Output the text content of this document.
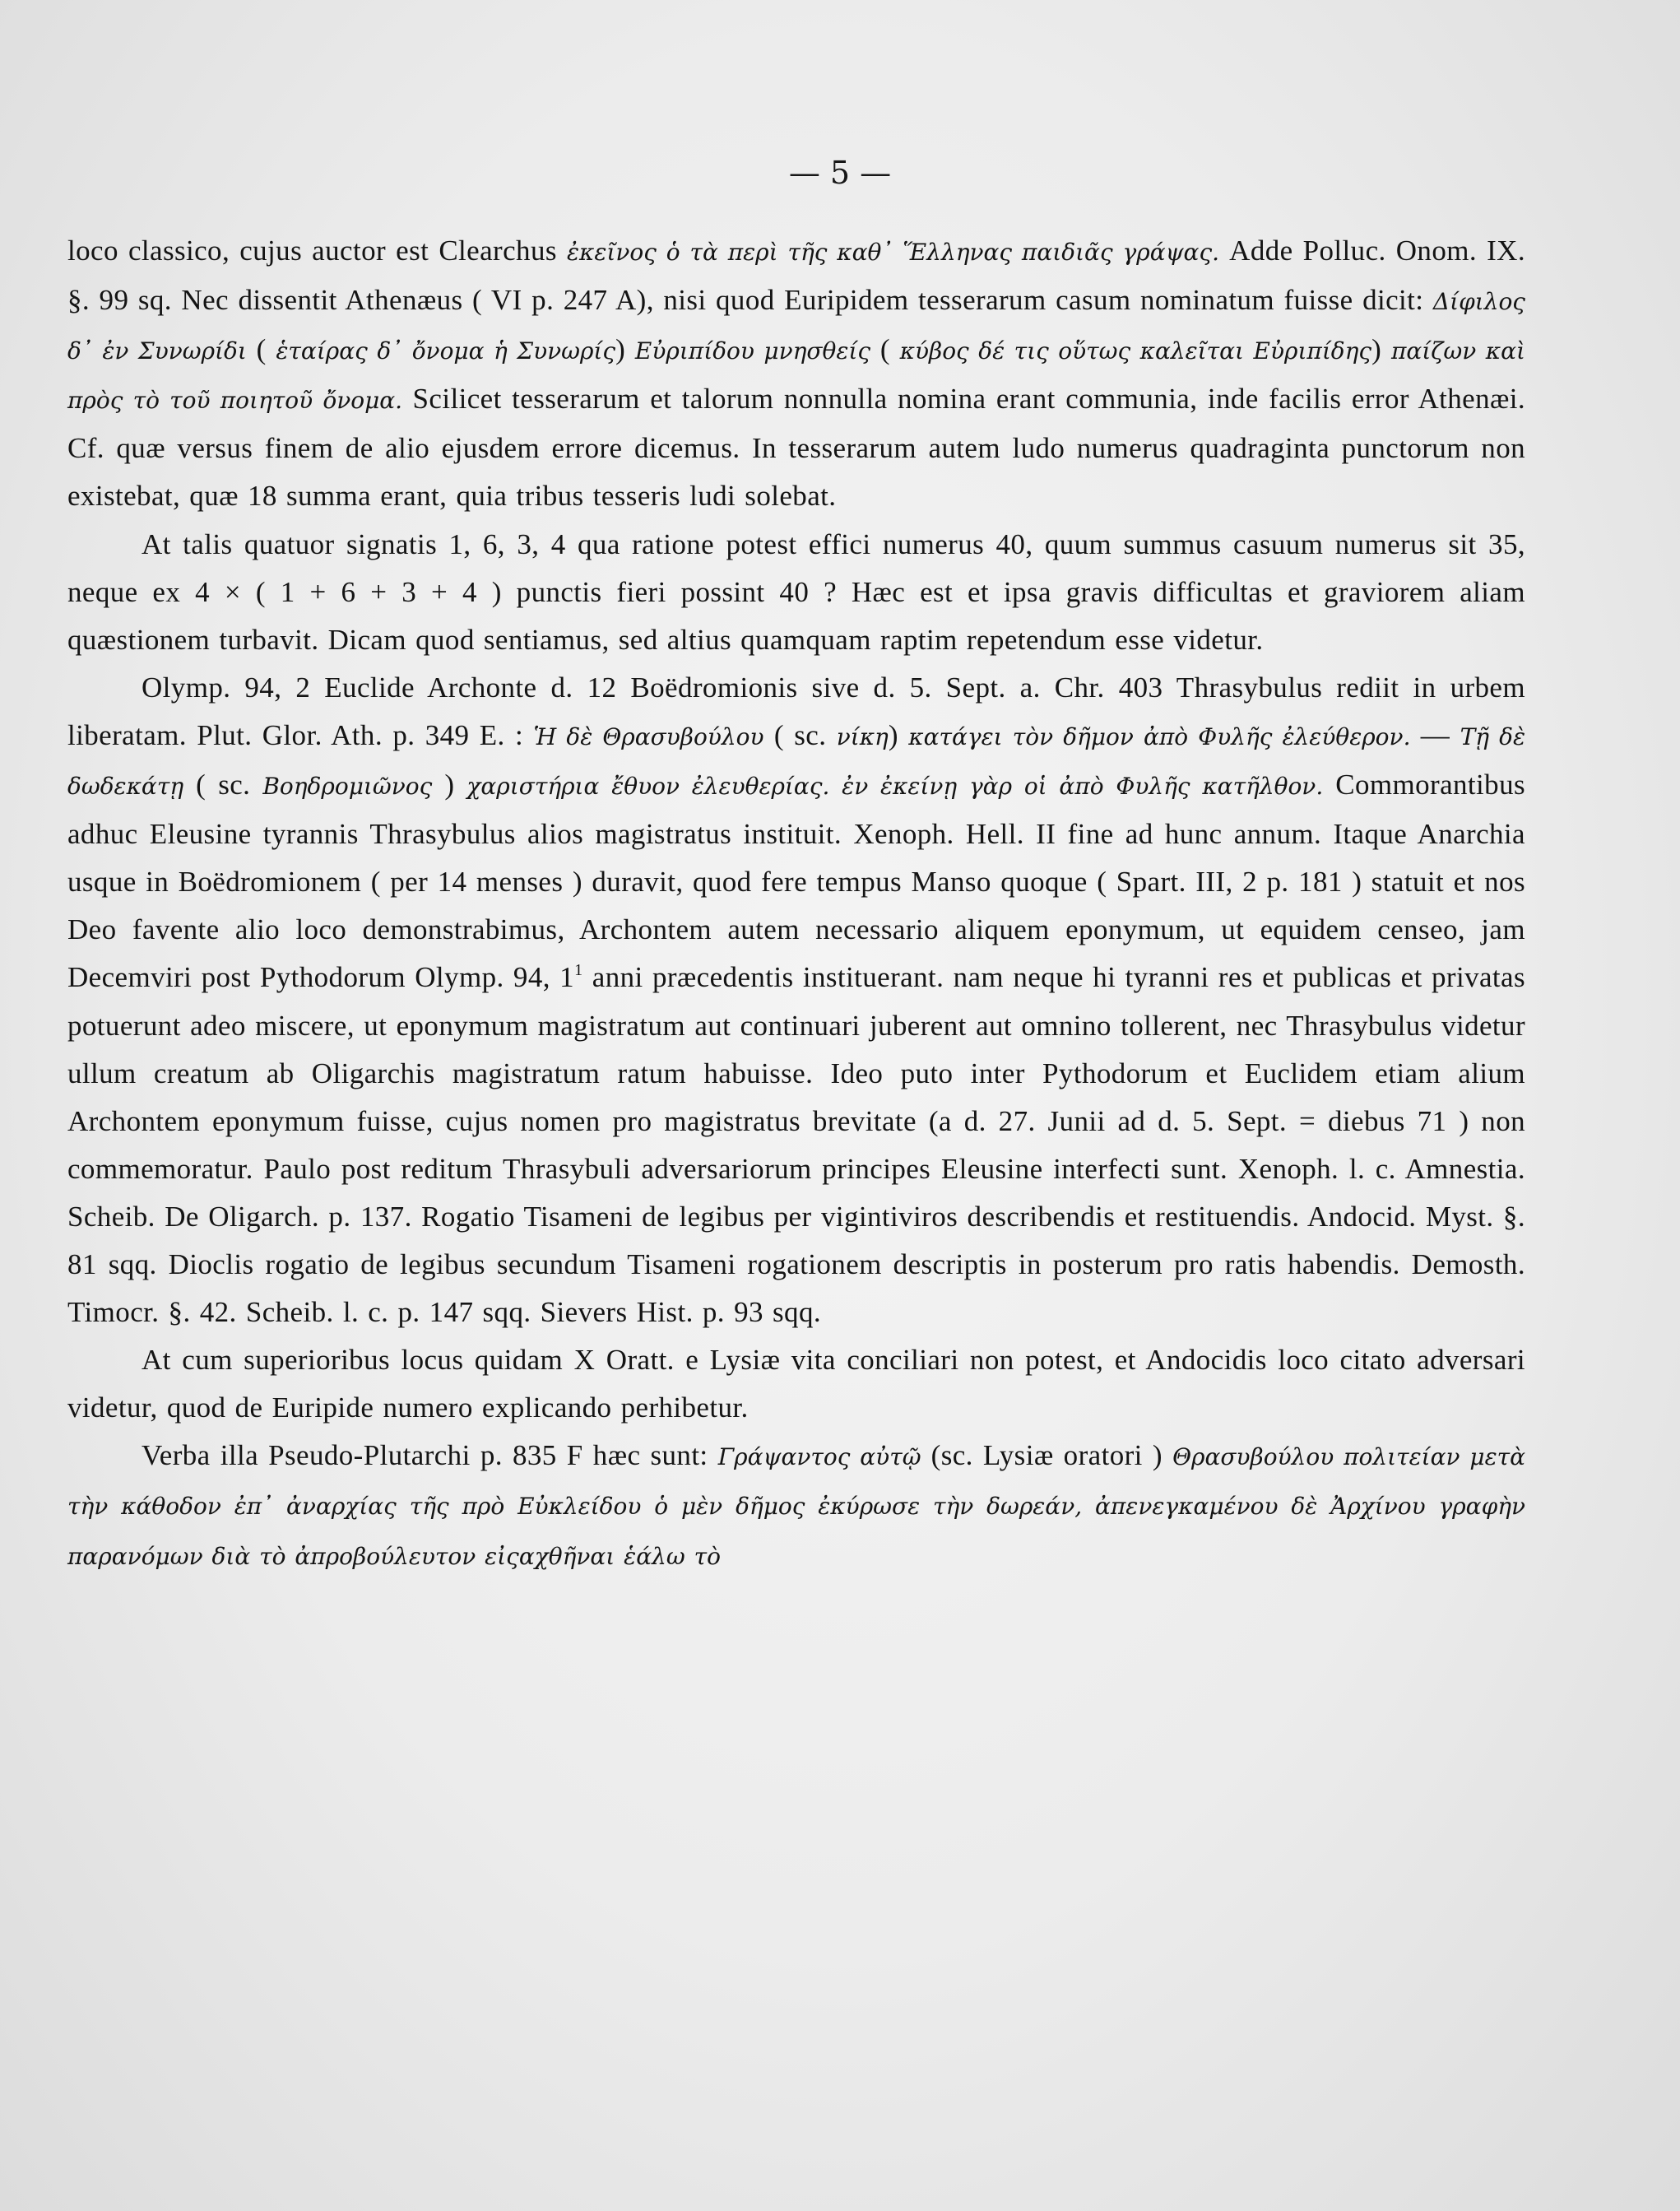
— 5 —

loco classico, cujus auctor est Clearchus ἐκεῖνος ὁ τὰ περὶ τῆς καθ᾽ Ἕλληνας παιδιᾶς γράψας. Adde Polluc. Onom. IX. §. 99 sq. Nec dissentit Athenæus ( VI p. 247 A), nisi quod Euripidem tesserarum casum nominatum fuisse dicit: Δίφιλος δ᾽ ἐν Συνωρίδι ( ἑταίρας δ᾽ ὄνομα ἡ Συνωρίς) Εὐριπίδου μνησθείς ( κύβος δέ τις οὕτως καλεῖται Εὐριπίδης) παίζων καὶ πρὸς τὸ τοῦ ποιητοῦ ὄνομα. Scilicet tesserarum et talorum nonnulla nomina erant communia, inde facilis error Athenæi. Cf. quæ versus finem de alio ejusdem errore dicemus. In tesserarum autem ludo numerus quadraginta punctorum non existebat, quæ 18 summa erant, quia tribus tesseris ludi solebat.

At talis quatuor signatis 1, 6, 3, 4 qua ratione potest effici numerus 40, quum summus casuum numerus sit 35, neque ex 4 × ( 1 + 6 + 3 + 4 ) punctis fieri possint 40 ? Hæc est et ipsa gravis difficultas et graviorem aliam quæstionem turbavit. Dicam quod sentiamus, sed altius quamquam raptim repetendum esse videtur.

Olymp. 94, 2 Euclide Archonte d. 12 Boëdromionis sive d. 5. Sept. a. Chr. 403 Thrasybulus rediit in urbem liberatam. Plut. Glor. Ath. p. 349 E. : Ἡ δὲ Θρασυβούλου ( sc. νίκη) κατάγει τὸν δῆμον ἀπὸ Φυλῆς ἐλεύθερον. — Τῇ δὲ δωδεκάτῃ ( sc. Βοηδρομιῶνος ) χαριστήρια ἔθυον ἐλευθερίας. ἐν ἐκείνῃ γὰρ οἱ ἀπὸ Φυλῆς κατῆλθον. Commorantibus adhuc Eleusine tyrannis Thrasybulus alios magistratus instituit. Xenoph. Hell. II fine ad hunc annum. Itaque Anarchia usque in Boëdromionem ( per 14 menses ) duravit, quod fere tempus Manso quoque ( Spart. III, 2 p. 181 ) statuit et nos Deo favente alio loco demonstrabimus, Archontem autem necessario aliquem eponymum, ut equidem censeo, jam Decemviri post Pythodorum Olymp. 94, $1^1$ anni præcedentis instituerant. nam neque hi tyranni res et publicas et privatas potuerunt adeo miscere, ut eponymum magistratum aut continuari juberent aut omnino tollerent, nec Thrasybulus videtur ullum creatum ab Oligarchis magistratum ratum habuisse. Ideo puto inter Pythodorum et Euclidem etiam alium Archontem eponymum fuisse, cujus nomen pro magistratus brevitate (a d. 27. Junii ad d. 5. Sept. = diebus 71 ) non commemoratur. Paulo post reditum Thrasybuli adversariorum principes Eleusine interfecti sunt. Xenoph. l. c. Amnestia. Scheib. De Oligarch. p. 137. Rogatio Tisameni de legibus per vigintiviros describendis et restituendis. Andocid. Myst. §. 81 sqq. Dioclis rogatio de legibus secundum Tisameni rogationem descriptis in posterum pro ratis habendis. Demosth. Timocr. §. 42. Scheib. l. c. p. 147 sqq. Sievers Hist. p. 93 sqq.

At cum superioribus locus quidam X Oratt. e Lysiæ vita conciliari non potest, et Andocidis loco citato adversari videtur, quod de Euripide numero explicando perhibetur.

Verba illa Pseudo-Plutarchi p. 835 F hæc sunt: Γράψαντος αὐτῷ (sc. Lysiæ oratori ) Θρασυβούλου πολιτείαν μετὰ τὴν κάθοδον ἐπ᾽ ἀναρχίας τῆς πρὸ Εὐκλείδου ὁ μὲν δῆμος ἐκύρωσε τὴν δωρεάν, ἀπενεγκαμένου δὲ Ἀρχίνου γραφὴν παρανόμων διὰ τὸ ἀπροβούλευτον εἰςαχθῆναι ἑάλω τὸ
